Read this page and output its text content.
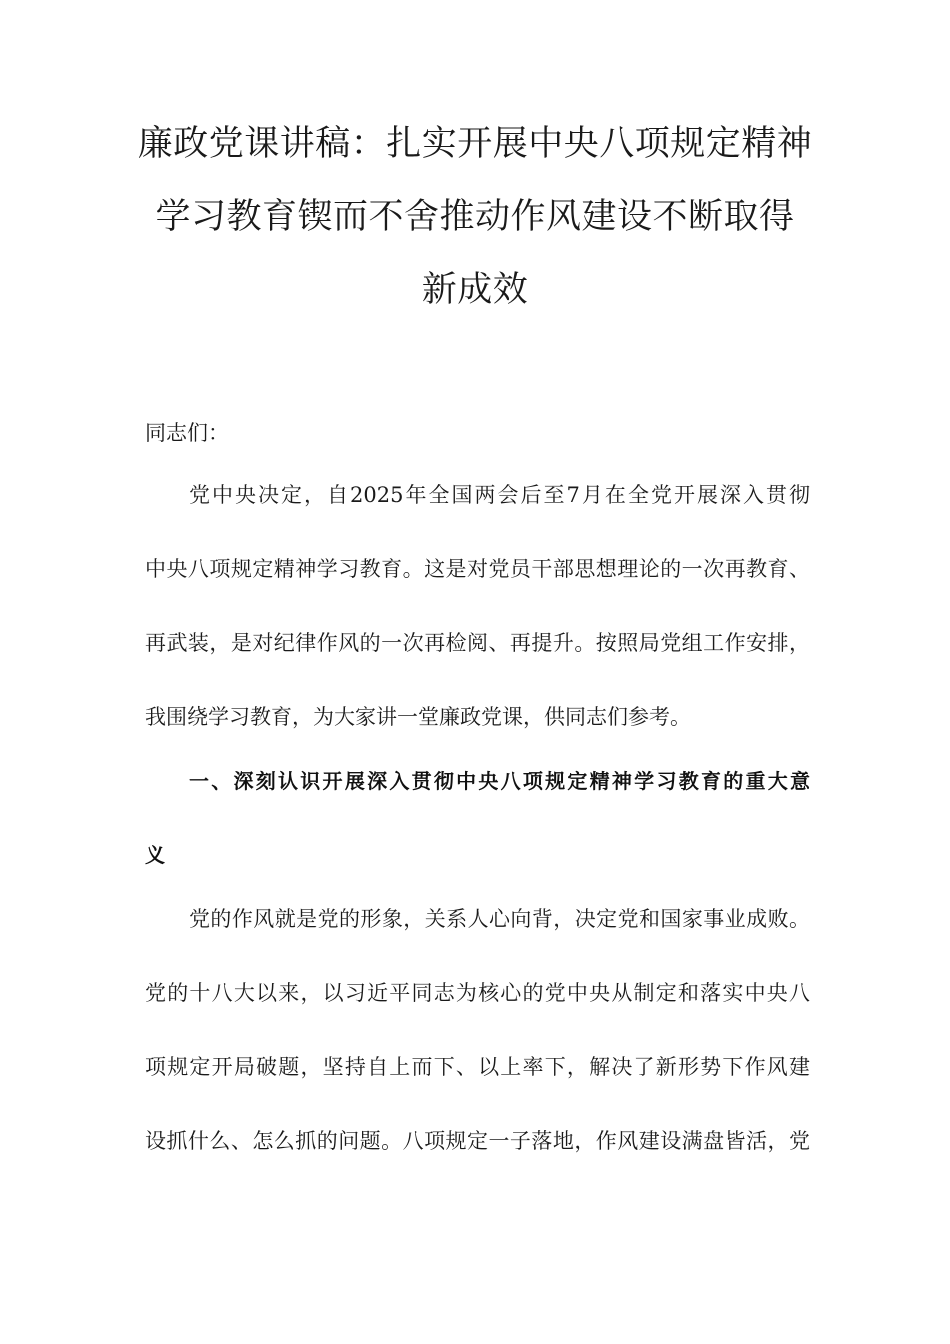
廉政党课讲稿：扎实开展中央八项规定精神
学习教育锲而不舍推动作风建设不断取得
新成效
同志们：
党中央决定，自2025年全国两会后至7月在全党开展深入贯彻
中央八项规定精神学习教育。这是对党员干部思想理论的一次再教育、
再武装，是对纪律作风的一次再检阅、再提升。按照局党组工作安排，
我围绕学习教育，为大家讲一堂廉政党课，供同志们参考。
一、深刻认识开展深入贯彻中央八项规定精神学习教育的重大意
义
党的作风就是党的形象，关系人心向背，决定党和国家事业成败。
党的十八大以来，以习近平同志为核心的党中央从制定和落实中央八
项规定开局破题，坚持自上而下、以上率下，解决了新形势下作风建
设抓什么、怎么抓的问题。八项规定一子落地，作风建设满盘皆活，党
